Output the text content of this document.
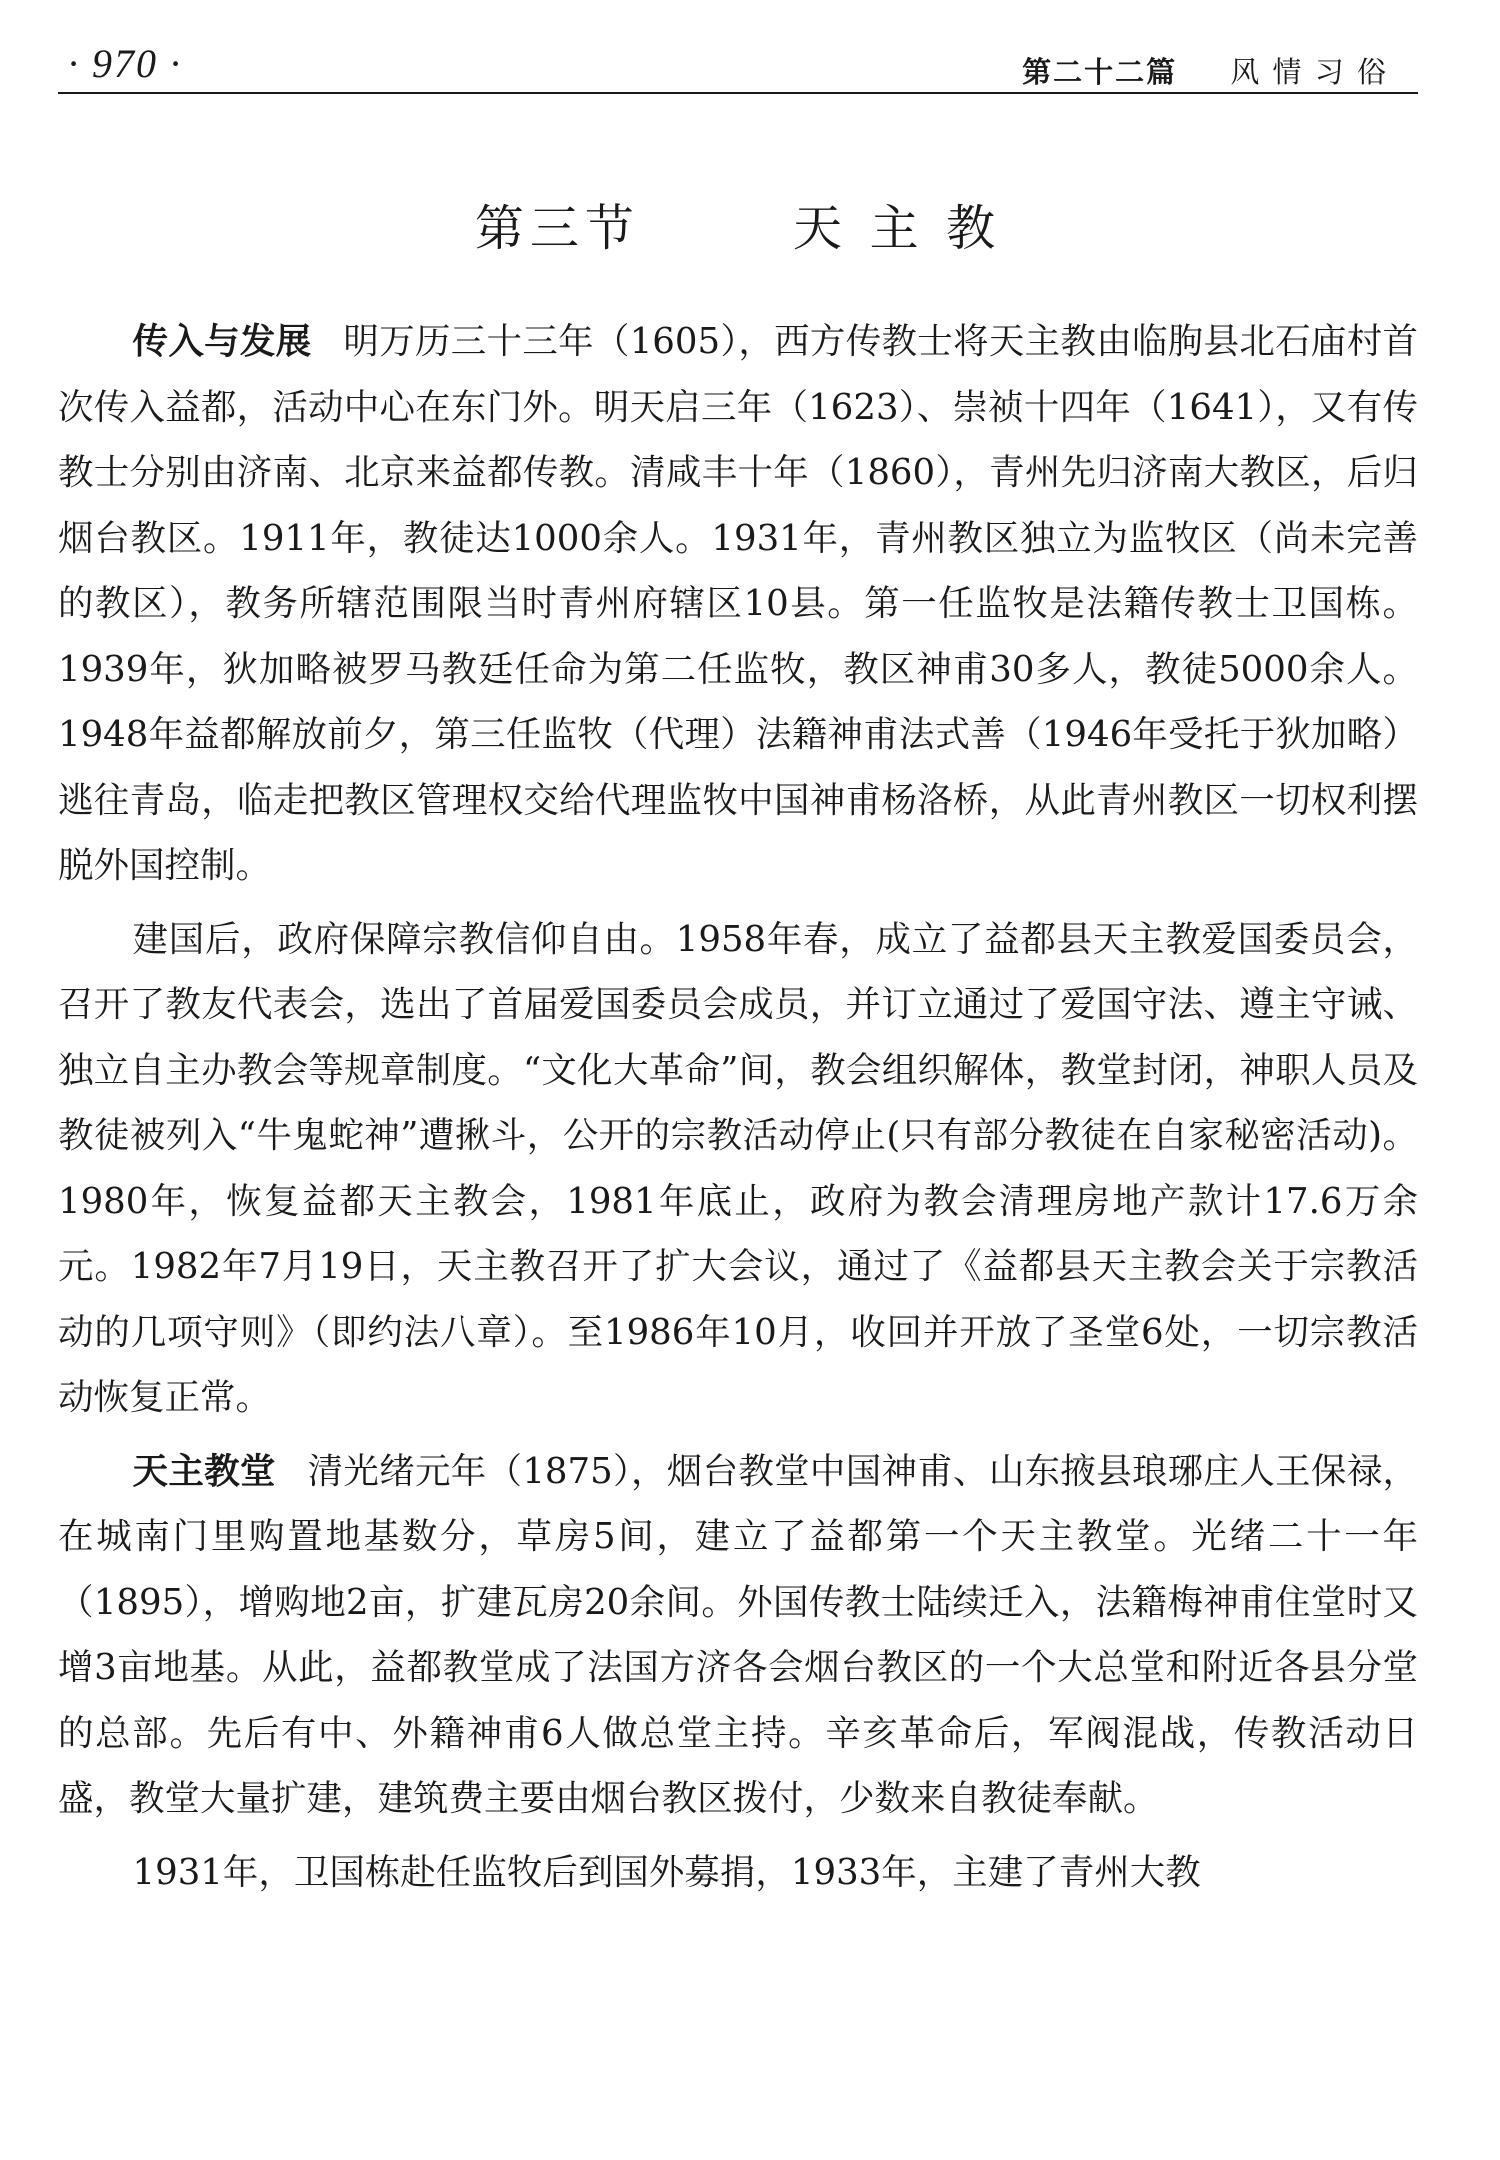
· 970 ·	第二十二篇 风 情 习 俗
第三节	天 主 教

传入与发展 明万历三十三年（1605），西方传教士将天主教由临朐县北石庙村首次传入益都，活动中心在东门外。明天启三年（1623）、崇祯十四年（1641），又有传教士分别由济南、北京来益都传教。清咸丰十年（1860），青州先归济南大教区，后归烟台教区。1911年，教徒达1000余人。1931年，青州教区独立为监牧区（尚未完善的教区），教务所辖范围限当时青州府辖区10县。第一任监牧是法籍传教士卫国栋。1939年，狄加略被罗马教廷任命为第二任监牧，教区神甫30多人，教徒5000余人。1948年益都解放前夕，第三任监牧（代理）法籍神甫法式善（1946年受托于狄加略）逃往青岛，临走把教区管理权交给代理监牧中国神甫杨洛桥，从此青州教区一切权利摆脱外国控制。

建国后，政府保障宗教信仰自由。1958年春，成立了益都县天主教爱国委员会，召开了教友代表会，选出了首届爱国委员会成员，并订立通过了爱国守法、遵主守诫、独立自主办教会等规章制度。“文化大革命”间，教会组织解体，教堂封闭，神职人员及教徒被列入“牛鬼蛇神”遭揪斗，公开的宗教活动停止(只有部分教徒在自家秘密活动)。1980年，恢复益都天主教会，1981年底止，政府为教会清理房地产款计17.6万余元。1982年7月19日，天主教召开了扩大会议，通过了《益都县天主教会关于宗教活动的几项守则》（即约法八章）。至1986年10月，收回并开放了圣堂6处，一切宗教活动恢复正常。

天主教堂 清光绪元年（1875），烟台教堂中国神甫、山东掖县琅琊庄人王保禄，在城南门里购置地基数分，草房5间，建立了益都第一个天主教堂。光绪二十一年（1895），增购地2亩，扩建瓦房20余间。外国传教士陆续迁入，法籍梅神甫住堂时又增3亩地基。从此，益都教堂成了法国方济各会烟台教区的一个大总堂和附近各县分堂的总部。先后有中、外籍神甫6人做总堂主持。辛亥革命后，军阀混战，传教活动日盛，教堂大量扩建，建筑费主要由烟台教区拨付，少数来自教徒奉献。

1931年，卫国栋赴任监牧后到国外募捐，1933年，主建了青州大教
